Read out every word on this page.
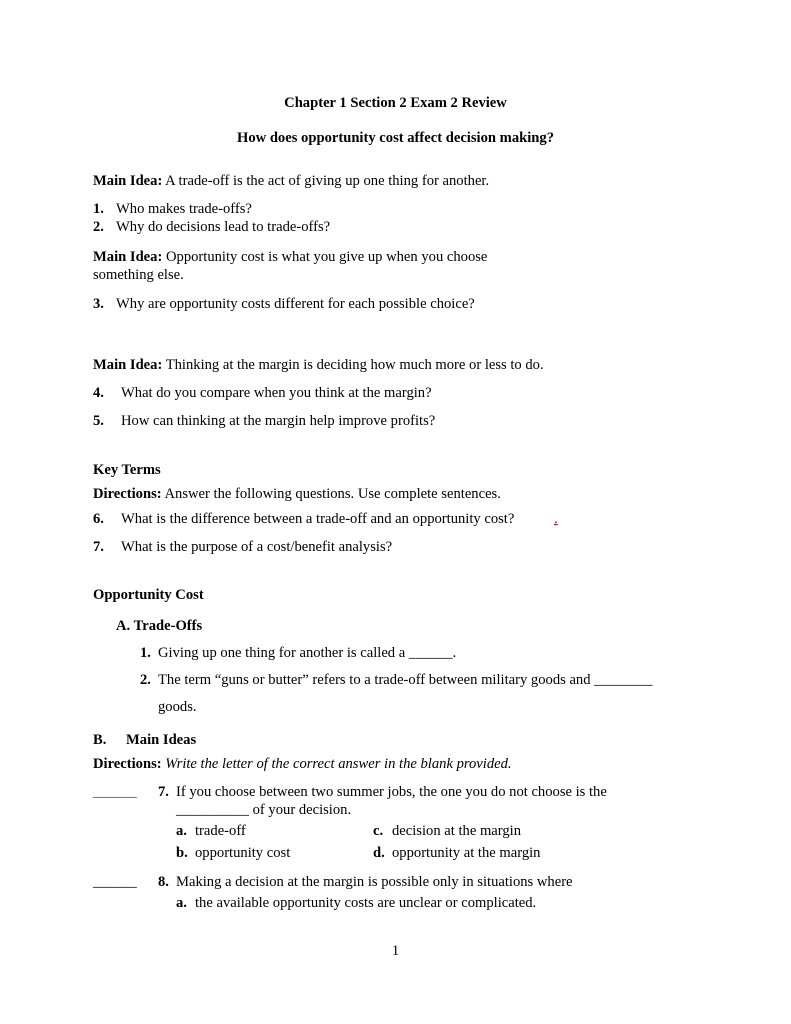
Chapter 1 Section 2 Exam 2 Review
How does opportunity cost affect decision making?
Main Idea: A trade-off is the act of giving up one thing for another.
1. Who makes trade-offs?
2. Why do decisions lead to trade-offs?
Main Idea: Opportunity cost is what you give up when you choose
something else.
3. Why are opportunity costs different for each possible choice?
Main Idea: Thinking at the margin is deciding how much more or less to do.
4. What do you compare when you think at the margin?
5. How can thinking at the margin help improve profits?
Key Terms
Directions: Answer the following questions. Use complete sentences.
6. What is the difference between a trade-off and an opportunity cost?	.
7. What is the purpose of a cost/benefit analysis?
Opportunity Cost
A. Trade-Offs
1. Giving up one thing for another is called a ______.
2. The term “guns or butter” refers to a trade-off between military goods and ________
goods.
B. Main Ideas
Directions: Write the letter of the correct answer in the blank provided.
______ 7. If you choose between two summer jobs, the one you do not choose is the
__________ of your decision.
a. trade-off	c. decision at the margin
b. opportunity cost	d. opportunity at the margin
______ 8. Making a decision at the margin is possible only in situations where
a. the available opportunity costs are unclear or complicated.
1
